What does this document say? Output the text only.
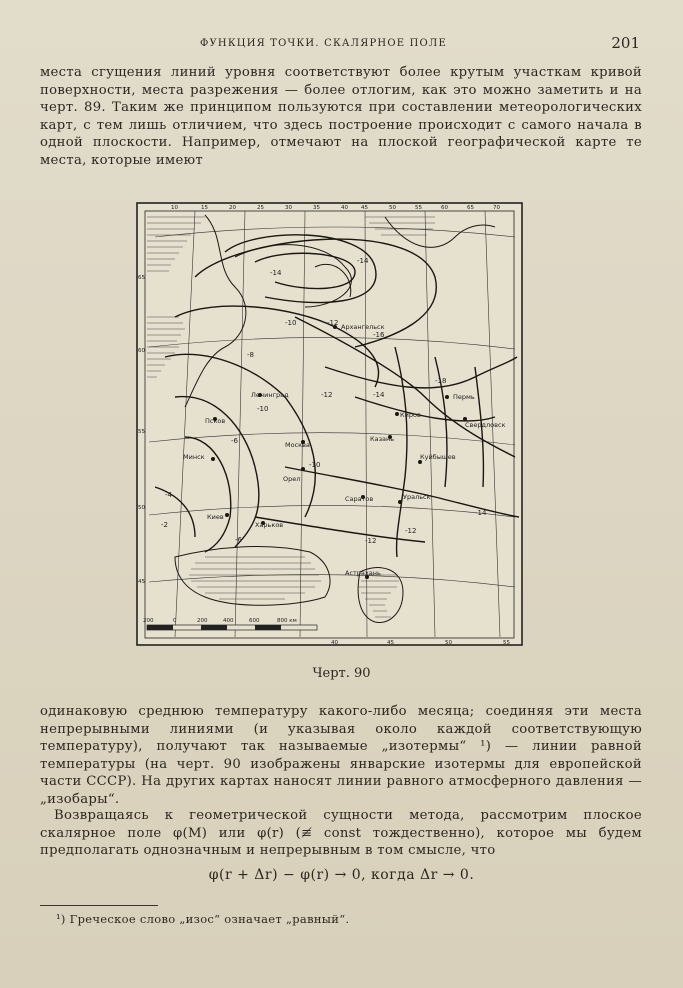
ФУНКЦИЯ ТОЧКИ. СКАЛЯРНОЕ ПОЛЕ	201

места сгущения линий уровня соответствуют более крутым участкам кривой поверхности, места разрежения — более отлогим, как это можно заметить и на черт. 89. Таким же принципом пользуются при составлении метеорологических карт, с тем лишь отличием, что здесь построение происходит с самого начала в одной плоскости. Например, отмечают на плоской географической карте те места, которые имеют

Архангельск
Ленинград
Псков
Москва
Минск
Орел
Киев
Харьков
Кирoв
Пермь
Свердловск
Казань
Куйбышев
Саратов	Уральск
Астрахань
-14
-10	-12
-8
-6
-4
-2
-10
-12	-14
-16
-18
-14
-12
-14
-10
-12
-6
10	15	20	25	30	35	40 45	50	55	60	65	70
65
60
55
50
45
40	45	50	55
200	0	200	400	600	800 км
Черт. 90

одинаковую среднюю температуру какого-либо месяца; соединяя эти места непрерывными линиями (и указывая около каждой соответствующую температуру), получают так называемые „изотермы“ ¹) — линии равной температуры (на черт. 90 изображены январские изотермы для европейской части СССР). На других картах наносят линии равного атмосферного давления — „изобары“.

Возвращаясь к геометрической сущности метода, рассмотрим плоское скалярное поле φ(M) или φ(r) (≢ const тождественно), которое мы будем предполагать однозначным и непрерывным в том смысле, что

φ(r + Δr) − φ(r) → 0, когда Δr → 0.
¹) Греческое слово „изос“ означает „равный“.
